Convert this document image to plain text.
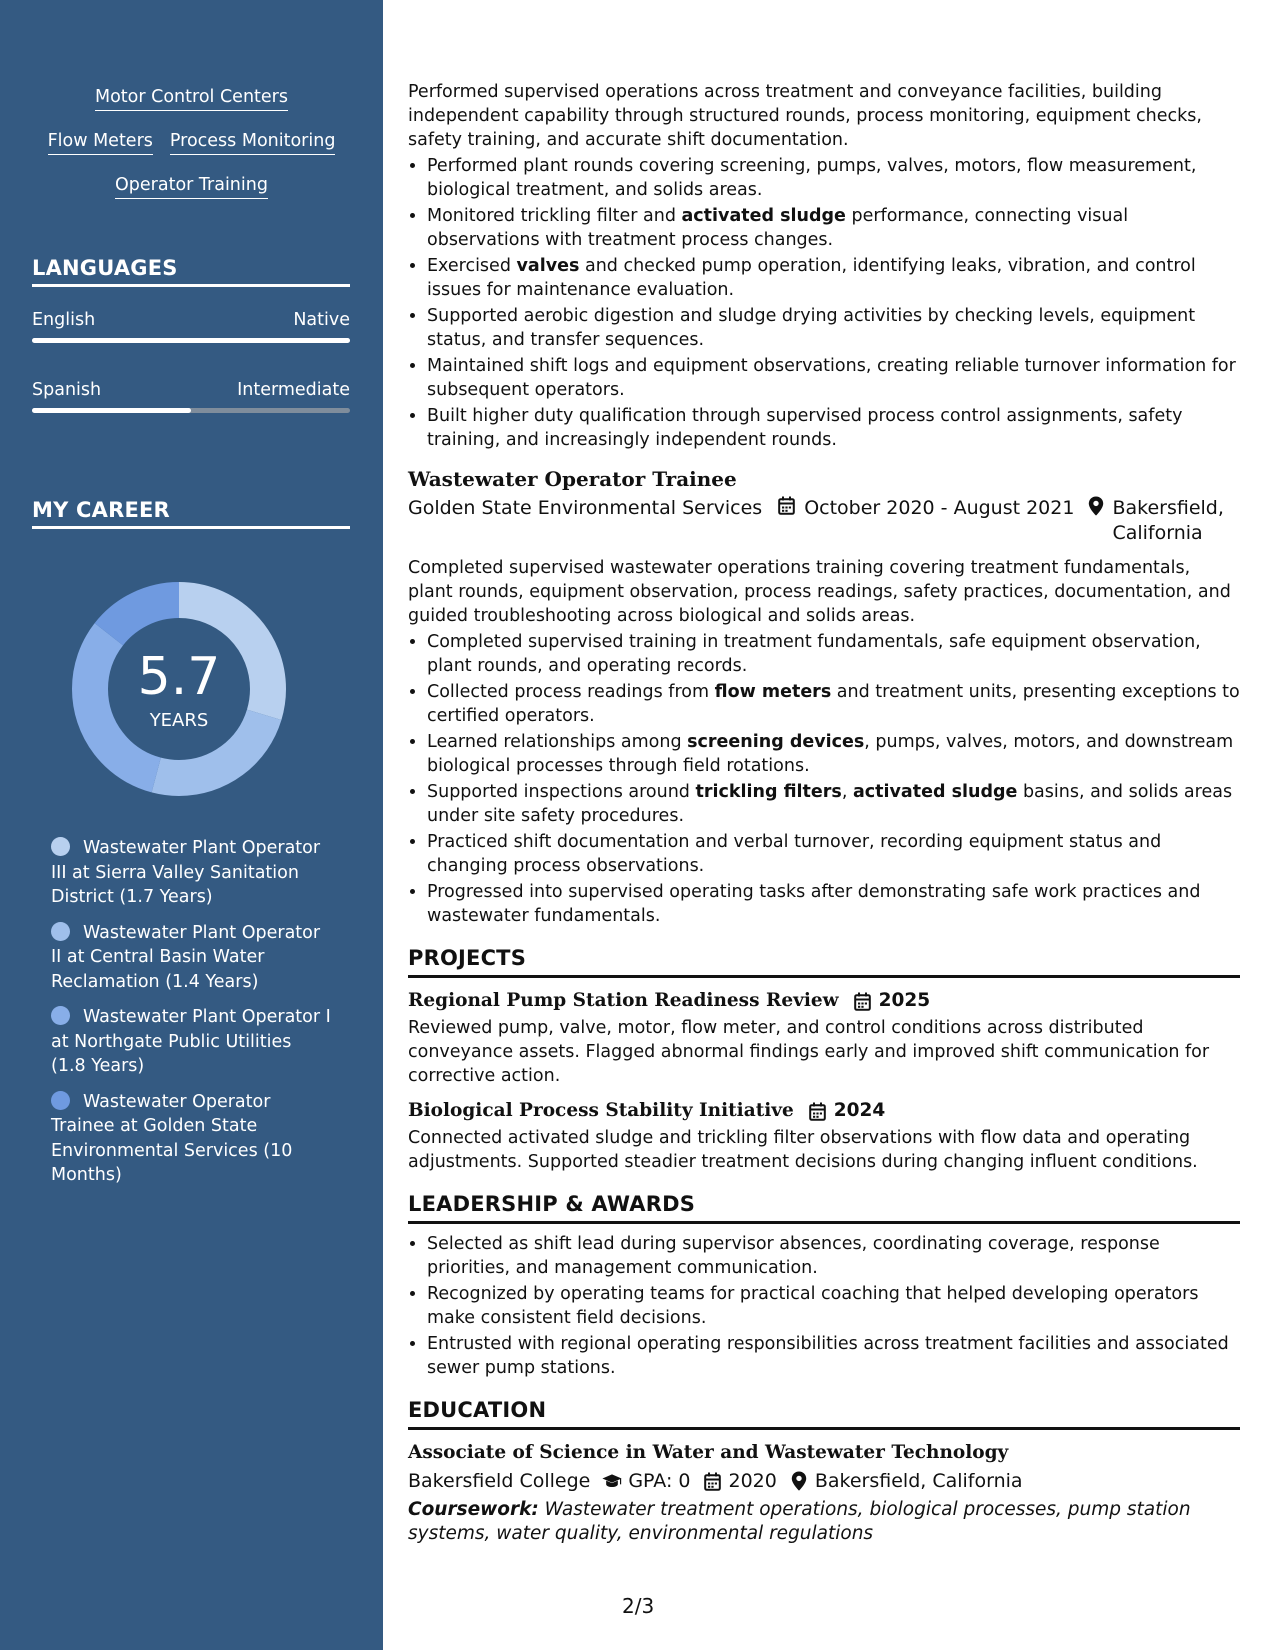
Motor Control Centers
Flow Meters Process Monitoring
Operator Training
LANGUAGES
English	Native
Spanish	Intermediate
MY CAREER
5.7
YEARS
Wastewater Plant Operator III at Sierra Valley Sanitation District (1.7 Years)
Wastewater Plant Operator II at Central Basin Water Reclamation (1.4 Years)
Wastewater Plant Operator I at Northgate Public Utilities (1.8 Years)
Wastewater Operator Trainee at Golden State Environmental Services (10 Months)

Performed supervised operations across treatment and conveyance facilities, building independent capability through structured rounds, process monitoring, equipment checks, safety training, and accurate shift documentation.

• Performed plant rounds covering screening, pumps, valves, motors, flow measurement, biological treatment, and solids areas.
• Monitored trickling filter and activated sludge performance, connecting visual observations with treatment process changes.
• Exercised valves and checked pump operation, identifying leaks, vibration, and control issues for maintenance evaluation.
• Supported aerobic digestion and sludge drying activities by checking levels, equipment status, and transfer sequences.
• Maintained shift logs and equipment observations, creating reliable turnover information for subsequent operators.
• Built higher duty qualification through supervised process control assignments, safety training, and increasingly independent rounds.
Wastewater Operator Trainee
Golden State Environmental Services October 2020 - August 2021 Bakersfield, California

Completed supervised wastewater operations training covering treatment fundamentals, plant rounds, equipment observation, process readings, safety practices, documentation, and guided troubleshooting across biological and solids areas.

• Completed supervised training in treatment fundamentals, safe equipment observation, plant rounds, and operating records.
• Collected process readings from flow meters and treatment units, presenting exceptions to certified operators.
• Learned relationships among screening devices, pumps, valves, motors, and downstream biological processes through field rotations.
• Supported inspections around trickling filters, activated sludge basins, and solids areas under site safety procedures.
• Practiced shift documentation and verbal turnover, recording equipment status and changing process observations.
• Progressed into supervised operating tasks after demonstrating safe work practices and wastewater fundamentals.
PROJECTS
Regional Pump Station Readiness Review 2025
Reviewed pump, valve, motor, flow meter, and control conditions across distributed conveyance assets. Flagged abnormal findings early and improved shift communication for corrective action.
Biological Process Stability Initiative 2024
Connected activated sludge and trickling filter observations with flow data and operating adjustments. Supported steadier treatment decisions during changing influent conditions.
LEADERSHIP & AWARDS
• Selected as shift lead during supervisor absences, coordinating coverage, response priorities, and management communication.
• Recognized by operating teams for practical coaching that helped developing operators make consistent field decisions.
• Entrusted with regional operating responsibilities across treatment facilities and associated sewer pump stations.
EDUCATION
Associate of Science in Water and Wastewater Technology
Bakersfield College GPA: 0 2020 Bakersfield, California
Coursework: Wastewater treatment operations, biological processes, pump station systems, water quality, environmental regulations
2/3
